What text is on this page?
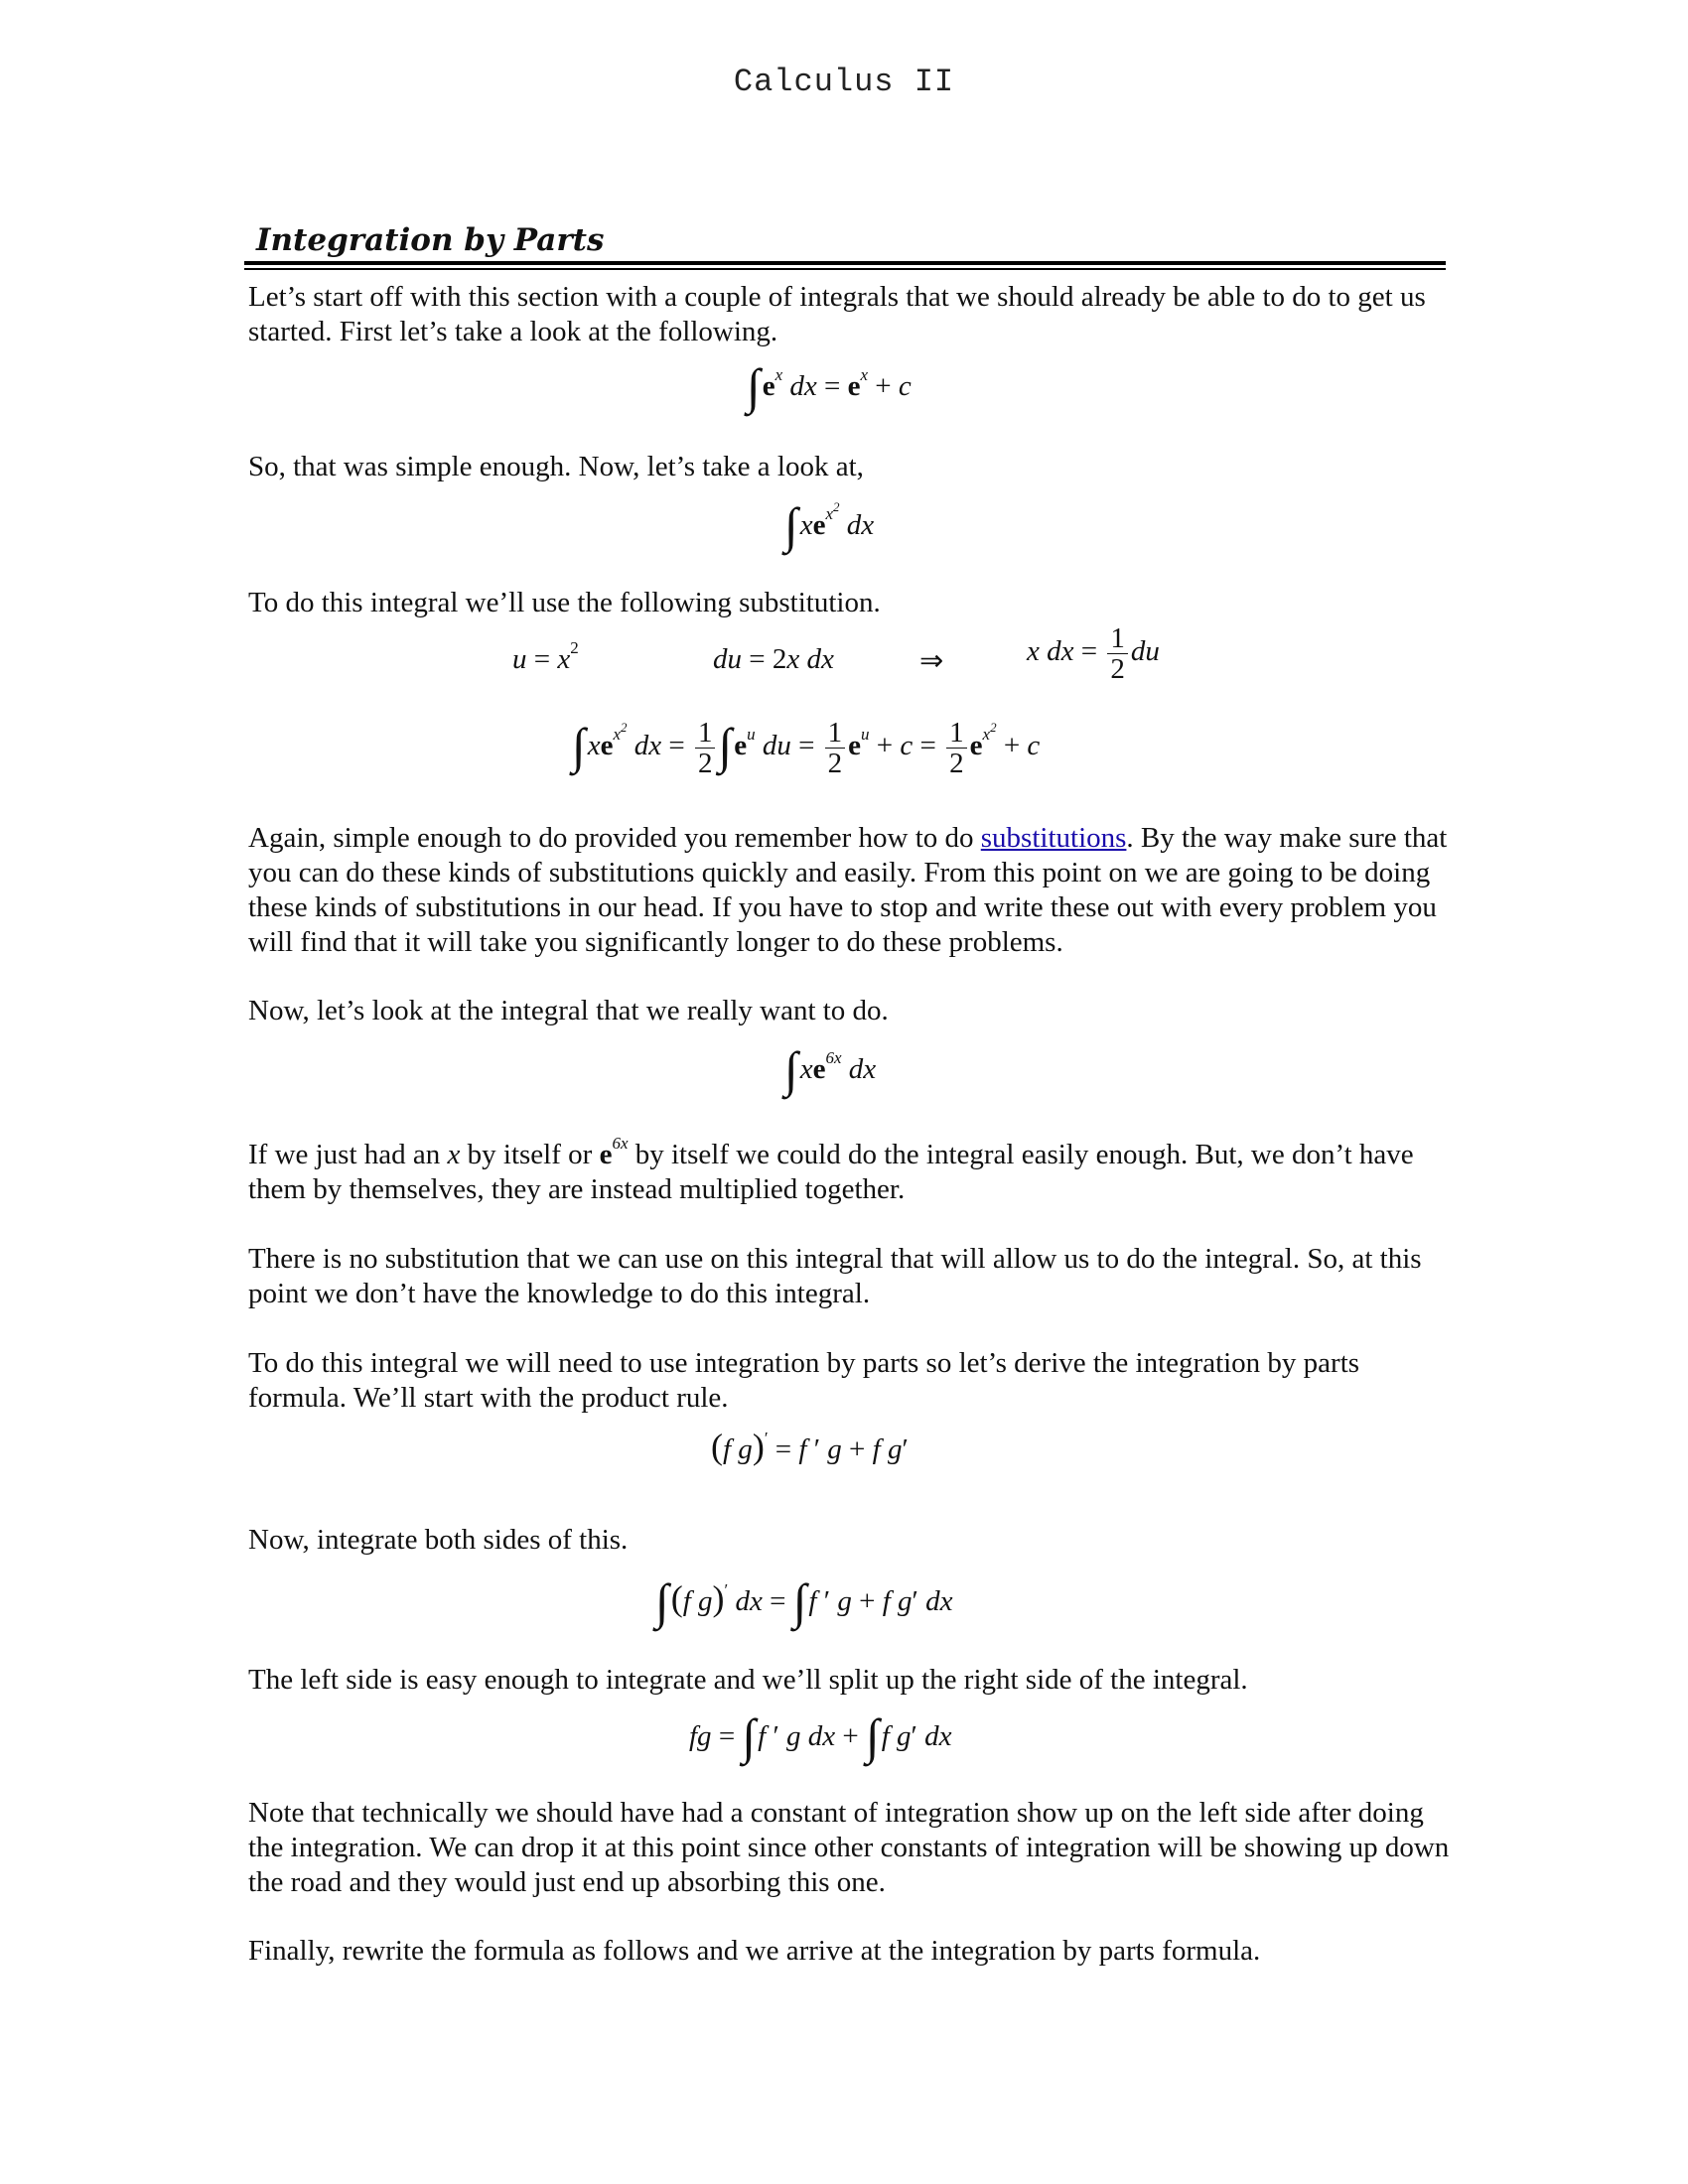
Calculus II
Integration by Parts

Let’s start off with this section with a couple of integrals that we should already be able to do to get us started. First let’s take a look at the following.

$\int e^x$ dx = $e^x + c$

So, that was simple enough. Now, let’s take a look at,

$\int xe^{x^2}$ dx

To do this integral we’ll use the following substitution.

$u = x^2$	du = 2x dx	⇒	x dx = $\frac{1}{2}$ du
$\int xe^{x^2}$ dx = $\frac{1}{2} \int e^u$ du = $\frac{1}{2} e^u + c = \frac{1}{2} e^{x^2} + c$

Again, simple enough to do provided you remember how to do substitutions. By the way make sure that you can do these kinds of substitutions quickly and easily. From this point on we are going to be doing these kinds of substitutions in our head. If you have to stop and write these out with every problem you will find that it will take you significantly longer to do these problems.

Now, let’s look at the integral that we really want to do.

$\int xe^{6x}$ dx

If we just had an x by itself or $e^{6x}$ by itself we could do the integral easily enough. But, we don’t have them by themselves, they are instead multiplied together.

There is no substitution that we can use on this integral that will allow us to do the integral. So, at this point we don’t have the knowledge to do this integral.

To do this integral we will need to use integration by parts so let’s derive the integration by parts formula. We’ll start with the product rule.

(f g)′ = f ′ g + f g′

Now, integrate both sides of this.

∫(f g)′ dx = ∫f ′ g + f g′ dx

The left side is easy enough to integrate and we’ll split up the right side of the integral.

fg = ∫f ′ g dx + ∫f g′ dx

Note that technically we should have had a constant of integration show up on the left side after doing the integration. We can drop it at this point since other constants of integration will be showing up down the road and they would just end up absorbing this one.

Finally, rewrite the formula as follows and we arrive at the integration by parts formula.
